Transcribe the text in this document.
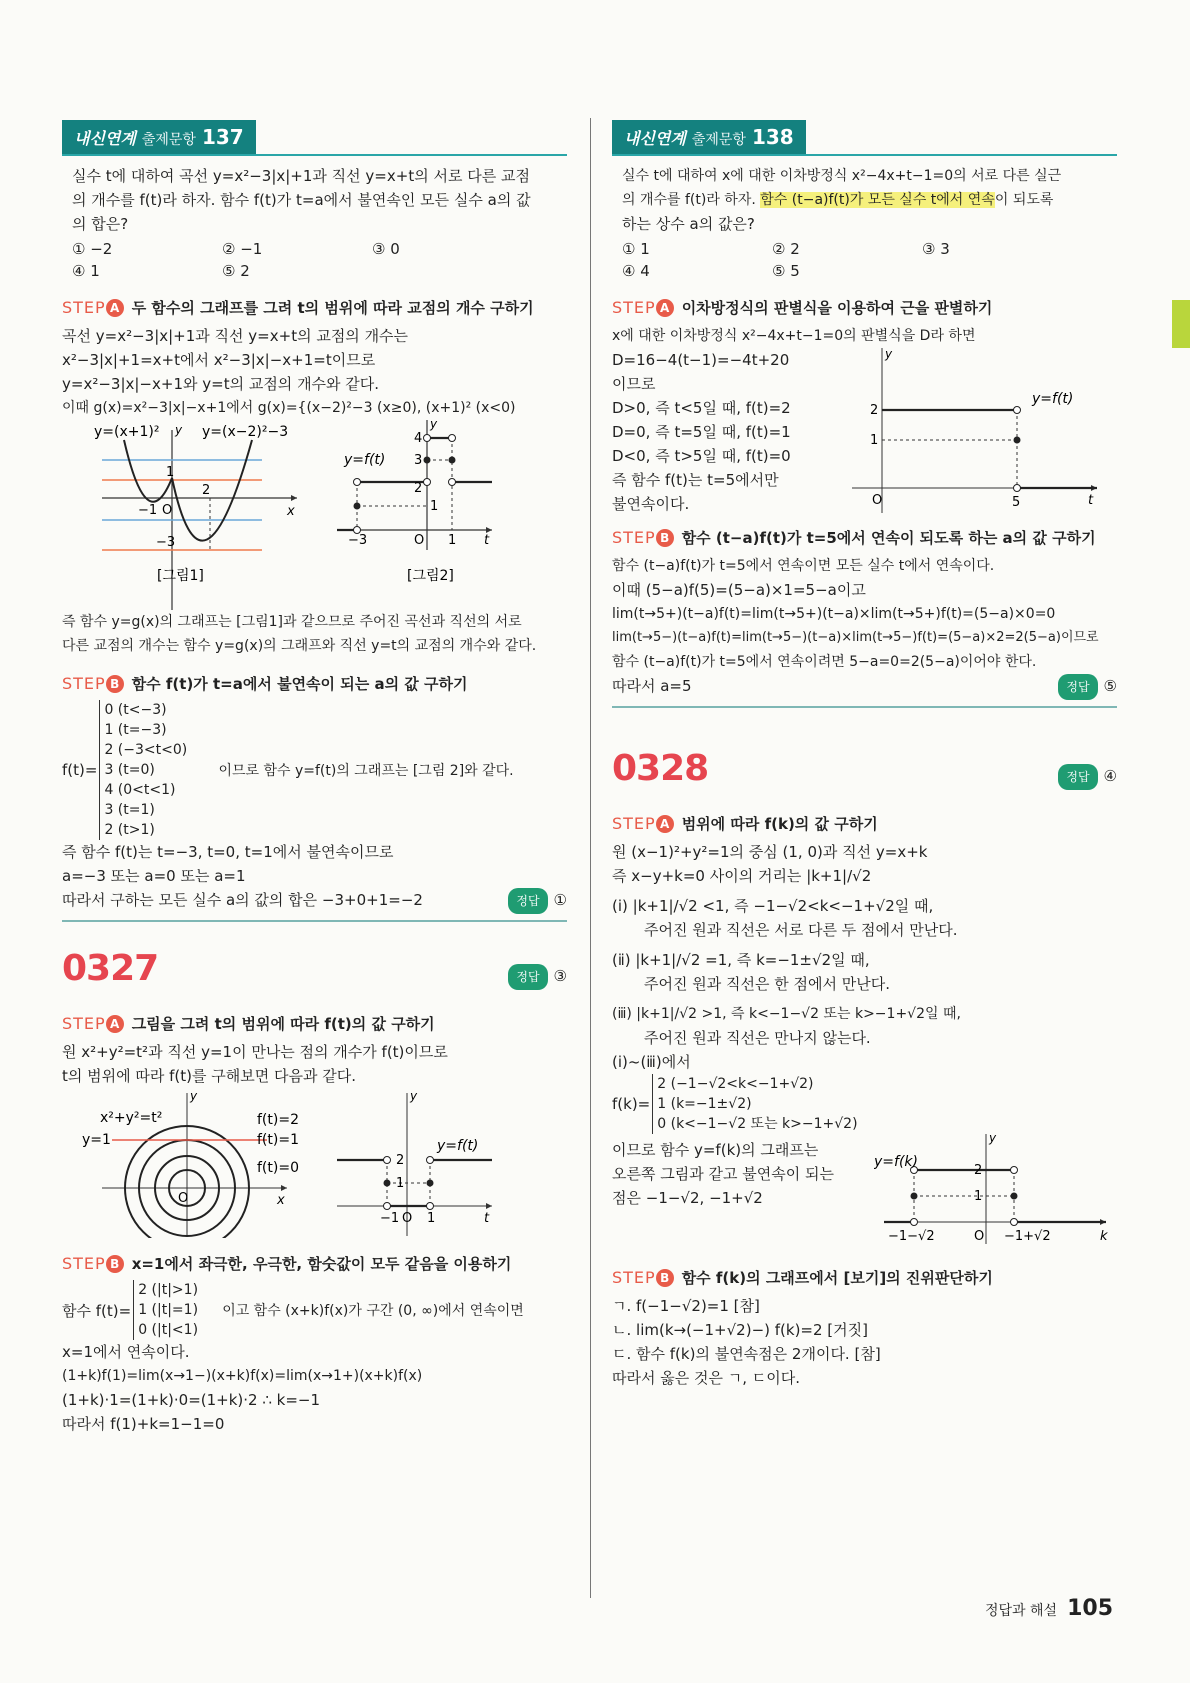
내신연계 출제문항 137
실수 t에 대하여 곡선 y=x²−3|x|+1과 직선 y=x+t의 서로 다른 교점
의 개수를 f(t)라 하자. 함수 f(t)가 t=a에서 불연속인 모든 실수 a의 값
의 합은?
① −2	② −1	③ 0
④ 1	⑤ 2
STEP A 두 함수의 그래프를 그려 t의 범위에 따라 교점의 개수 구하기
곡선 y=x²−3|x|+1과 직선 y=x+t의 교점의 개수는
x²−3|x|+1=x+t에서 x²−3|x|−x+1=t이므로
y=x²−3|x|−x+1와 y=t의 교점의 개수와 같다.
이때 g(x)=x²−3|x|−x+1에서 g(x)={(x−2)²−3 (x≥0), (x+1)² (x<0)
1
2
−1 O
−3
y
x
y=(x+1)²	y=(x−2)²−3
[그림1]
4
3
2
1
−3	O 1
y
t
y=f(t)
[그림2]
즉 함수 y=g(x)의 그래프는 [그림1]과 같으므로 주어진 곡선과 직선의 서로
다른 교점의 개수는 함수 y=g(x)의 그래프와 직선 y=t의 교점의 개수와 같다.
STEP B 함수 f(t)가 t=a에서 불연속이 되는 a의 값 구하기
f(t)=
0 (t<−3)
1 (t=−3)
2 (−3<t<0)
3 (t=0)
4 (0<t<1)
3 (t=1)
2 (t>1)
이므로 함수 y=f(t)의 그래프는 [그림 2]와 같다.
즉 함수 f(t)는 t=−3, t=0, t=1에서 불연속이므로
a=−3 또는 a=0 또는 a=1
따라서 구하는 모든 실수 a의 값의 합은 −3+0+1=−2	정답 ①
0327	정답 ③
STEP A 그림을 그려 t의 범위에 따라 f(t)의 값 구하기
원 x²+y²=t²과 직선 y=1이 만나는 점의 개수가 f(t)이므로
t의 범위에 따라 f(t)를 구해보면 다음과 같다.
O
y
x
x²+y²=t²
y=1
f(t)=2
f(t)=1
f(t)=0	2
1
−1 O 1
y
t
y=f(t)
STEP B x=1에서 좌극한, 우극한, 함숫값이 모두 같음을 이용하기
함수 f(t)=
2 (|t|>1)
1 (|t|=1)
0 (|t|<1)
이고 함수 (x+k)f(x)가 구간 (0, ∞)에서 연속이면
x=1에서 연속이다.
(1+k)f(1)=lim(x→1−)(x+k)f(x)=lim(x→1+)(x+k)f(x)
(1+k)·1=(1+k)·0=(1+k)·2 ∴ k=−1
따라서 f(1)+k=1−1=0
내신연계 출제문항 138
실수 t에 대하여 x에 대한 이차방정식 x²−4x+t−1=0의 서로 다른 실근
의 개수를 f(t)라 하자. 함수 (t−a)f(t)가 모든 실수 t에서 연속이 되도록
하는 상수 a의 값은?
① 1	② 2	③ 3
④ 4	⑤ 5
STEP A 이차방정식의 판별식을 이용하여 근을 판별하기
x에 대한 이차방정식 x²−4x+t−1=0의 판별식을 D라 하면
D=16−4(t−1)=−4t+20
이므로
D>0, 즉 t<5일 때, f(t)=2
D=0, 즉 t=5일 때, f(t)=1
D<0, 즉 t>5일 때, f(t)=0
즉 함수 f(t)는 t=5에서만
불연속이다.
2
1
O	5
y
t
y=f(t)
STEP B 함수 (t−a)f(t)가 t=5에서 연속이 되도록 하는 a의 값 구하기
함수 (t−a)f(t)가 t=5에서 연속이면 모든 실수 t에서 연속이다.
이때 (5−a)f(5)=(5−a)×1=5−a이고
lim(t→5+)(t−a)f(t)=lim(t→5+)(t−a)×lim(t→5+)f(t)=(5−a)×0=0
lim(t→5−)(t−a)f(t)=lim(t→5−)(t−a)×lim(t→5−)f(t)=(5−a)×2=2(5−a)이므로
함수 (t−a)f(t)가 t=5에서 연속이려면 5−a=0=2(5−a)이어야 한다.
따라서 a=5	정답 ⑤
0328	정답 ④
STEP A 범위에 따라 f(k)의 값 구하기
원 (x−1)²+y²=1의 중심 (1, 0)과 직선 y=x+k
즉 x−y+k=0 사이의 거리는 |k+1|/√2
(ⅰ) |k+1|/√2 <1, 즉 −1−√2<k<−1+√2일 때,
주어진 원과 직선은 서로 다른 두 점에서 만난다.
(ⅱ) |k+1|/√2 =1, 즉 k=−1±√2일 때,
주어진 원과 직선은 한 점에서 만난다.
(ⅲ) |k+1|/√2 >1, 즉 k<−1−√2 또는 k>−1+√2일 때,
주어진 원과 직선은 만나지 않는다.
(ⅰ)~(ⅲ)에서
f(k)=
2 (−1−√2<k<−1+√2)
1 (k=−1±√2)
0 (k<−1−√2 또는 k>−1+√2)
이므로 함수 y=f(k)의 그래프는
오른쪽 그림과 같고 불연속이 되는
점은 −1−√2, −1+√2
2
1
O
y
k
−1−√2	−1+√2
y=f(k)
STEP B 함수 f(k)의 그래프에서 [보기]의 진위판단하기
ㄱ. f(−1−√2)=1 [참]
ㄴ. lim(k→(−1+√2)−) f(k)=2 [거짓]
ㄷ. 함수 f(k)의 불연속점은 2개이다. [참]
따라서 옳은 것은 ㄱ, ㄷ이다.
정답과 해설 105
